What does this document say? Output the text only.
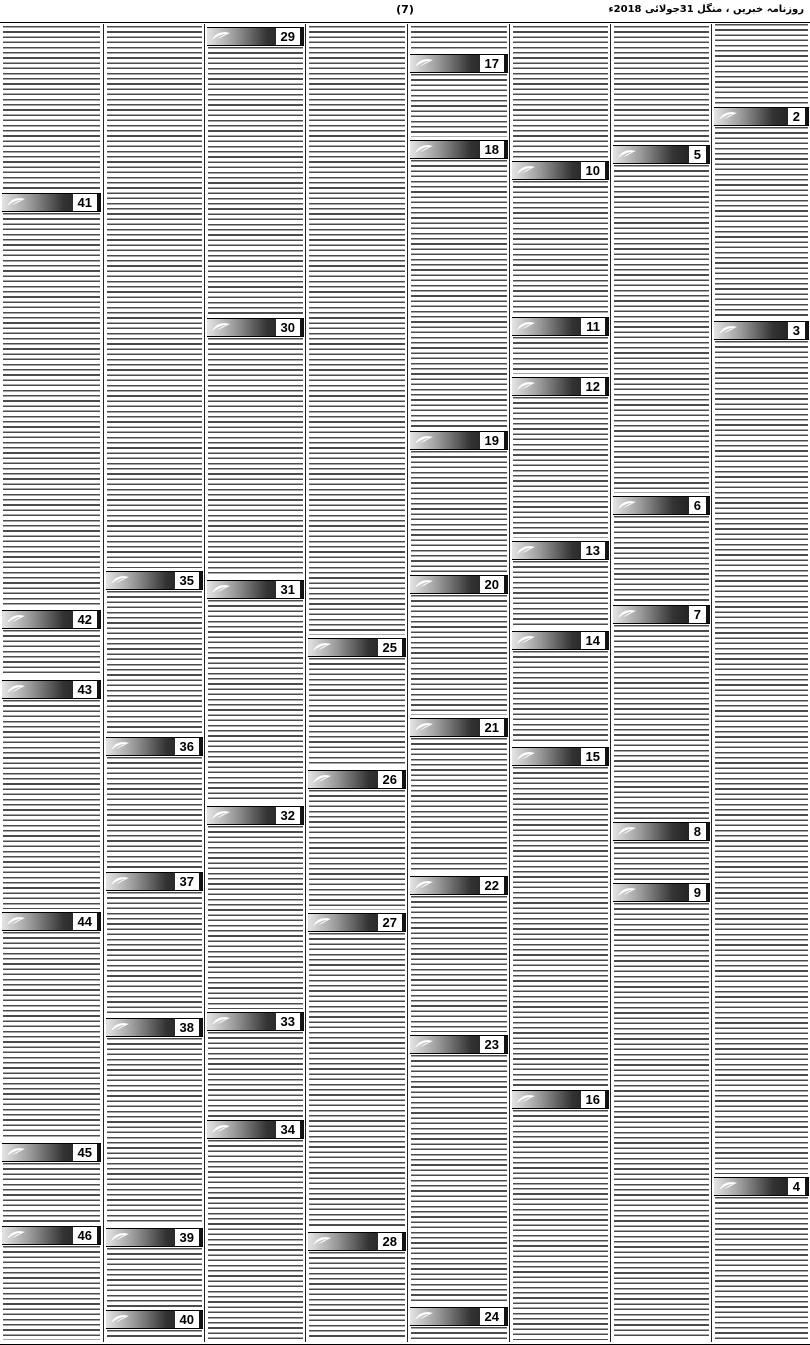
(7)	روزنامہ خبریں ، منگل 31جولائی 2018ء
41
42
43
44
45
46
35
36
37
38
39
40
29
30
31
32
33
34
25
26
27
28
17
18
19
20
21
22
23
24
10
11
12
13
14
15
16
5
6
7
8
9
2
3
4
